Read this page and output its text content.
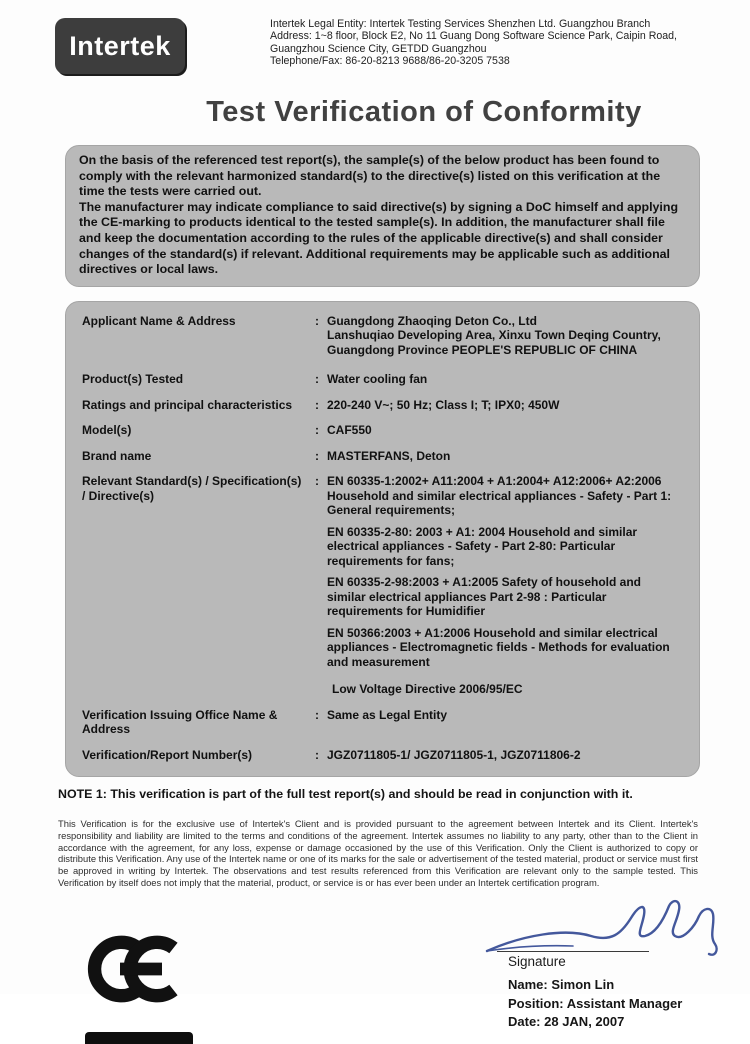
Intertek
Intertek Legal Entity: Intertek Testing Services Shenzhen Ltd. Guangzhou Branch
Address: 1~8 floor, Block E2, No 11 Guang Dong Software Science Park, Caipin Road,
Guangzhou Science City, GETDD Guangzhou
Telephone/Fax: 86-20-8213 9688/86-20-3205 7538
Test Verification of Conformity

On the basis of the referenced test report(s), the sample(s) of the below product has been found to comply with the relevant harmonized standard(s) to the directive(s) listed on this verification at the time the tests were carried out.

The manufacturer may indicate compliance to said directive(s) by signing a DoC himself and applying the CE-marking to products identical to the tested sample(s). In addition, the manufacturer shall file and keep the documentation according to the rules of the applicable directive(s) and shall consider changes of the standard(s) if relevant. Additional requirements may be applicable such as additional directives or local laws.

Applicant Name & Address	: Guangdong Zhaoqing Deton Co., Ltd
Lanshuqiao Developing Area, Xinxu Town Deqing Country,
Guangdong Province PEOPLE'S REPUBLIC OF CHINA
Product(s) Tested	: Water cooling fan
Ratings and principal characteristics	: 220-240 V~; 50 Hz; Class I; T; IPX0; 450W
Model(s)	: CAF550
Brand name	: MASTERFANS, Deton
Relevant Standard(s) / Specification(s) / Directive(s)
: EN 60335-1:2002+ A11:2004 + A1:2004+ A12:2006+ A2:2006 Household and similar electrical appliances - Safety - Part 1: General requirements;
EN 60335-2-80: 2003 + A1: 2004 Household and similar electrical appliances - Safety - Part 2-80: Particular requirements for fans;
EN 60335-2-98:2003 + A1:2005 Safety of household and similar electrical appliances Part 2-98 : Particular requirements for Humidifier
EN 50366:2003 + A1:2006 Household and similar electrical appliances - Electromagnetic fields - Methods for evaluation and measurement
Low Voltage Directive 2006/95/EC
Verification Issuing Office Name & Address
: Same as Legal Entity
Verification/Report Number(s)	: JGZ0711805-1/ JGZ0711805-1, JGZ0711806-2
NOTE 1: This verification is part of the full test report(s) and should be read in conjunction with it.
This Verification is for the exclusive use of Intertek's Client and is provided pursuant to the agreement between Intertek and its Client. Intertek's responsibility and liability are limited to the terms and conditions of the agreement. Intertek assumes no liability to any party, other than to the Client in accordance with the agreement, for any loss, expense or damage occasioned by the use of this Verification. Only the Client is authorized to copy or distribute this Verification. Any use of the Intertek name or one of its marks for the sale or advertisement of the tested material, product or service must first be approved in writing by Intertek. The observations and test results referenced from this Verification are relevant only to the sample tested. This Verification by itself does not imply that the material, product, or service is or has ever been under an Intertek certification program.
Signature
Name: Simon Lin
Position: Assistant Manager
Date: 28 JAN, 2007
